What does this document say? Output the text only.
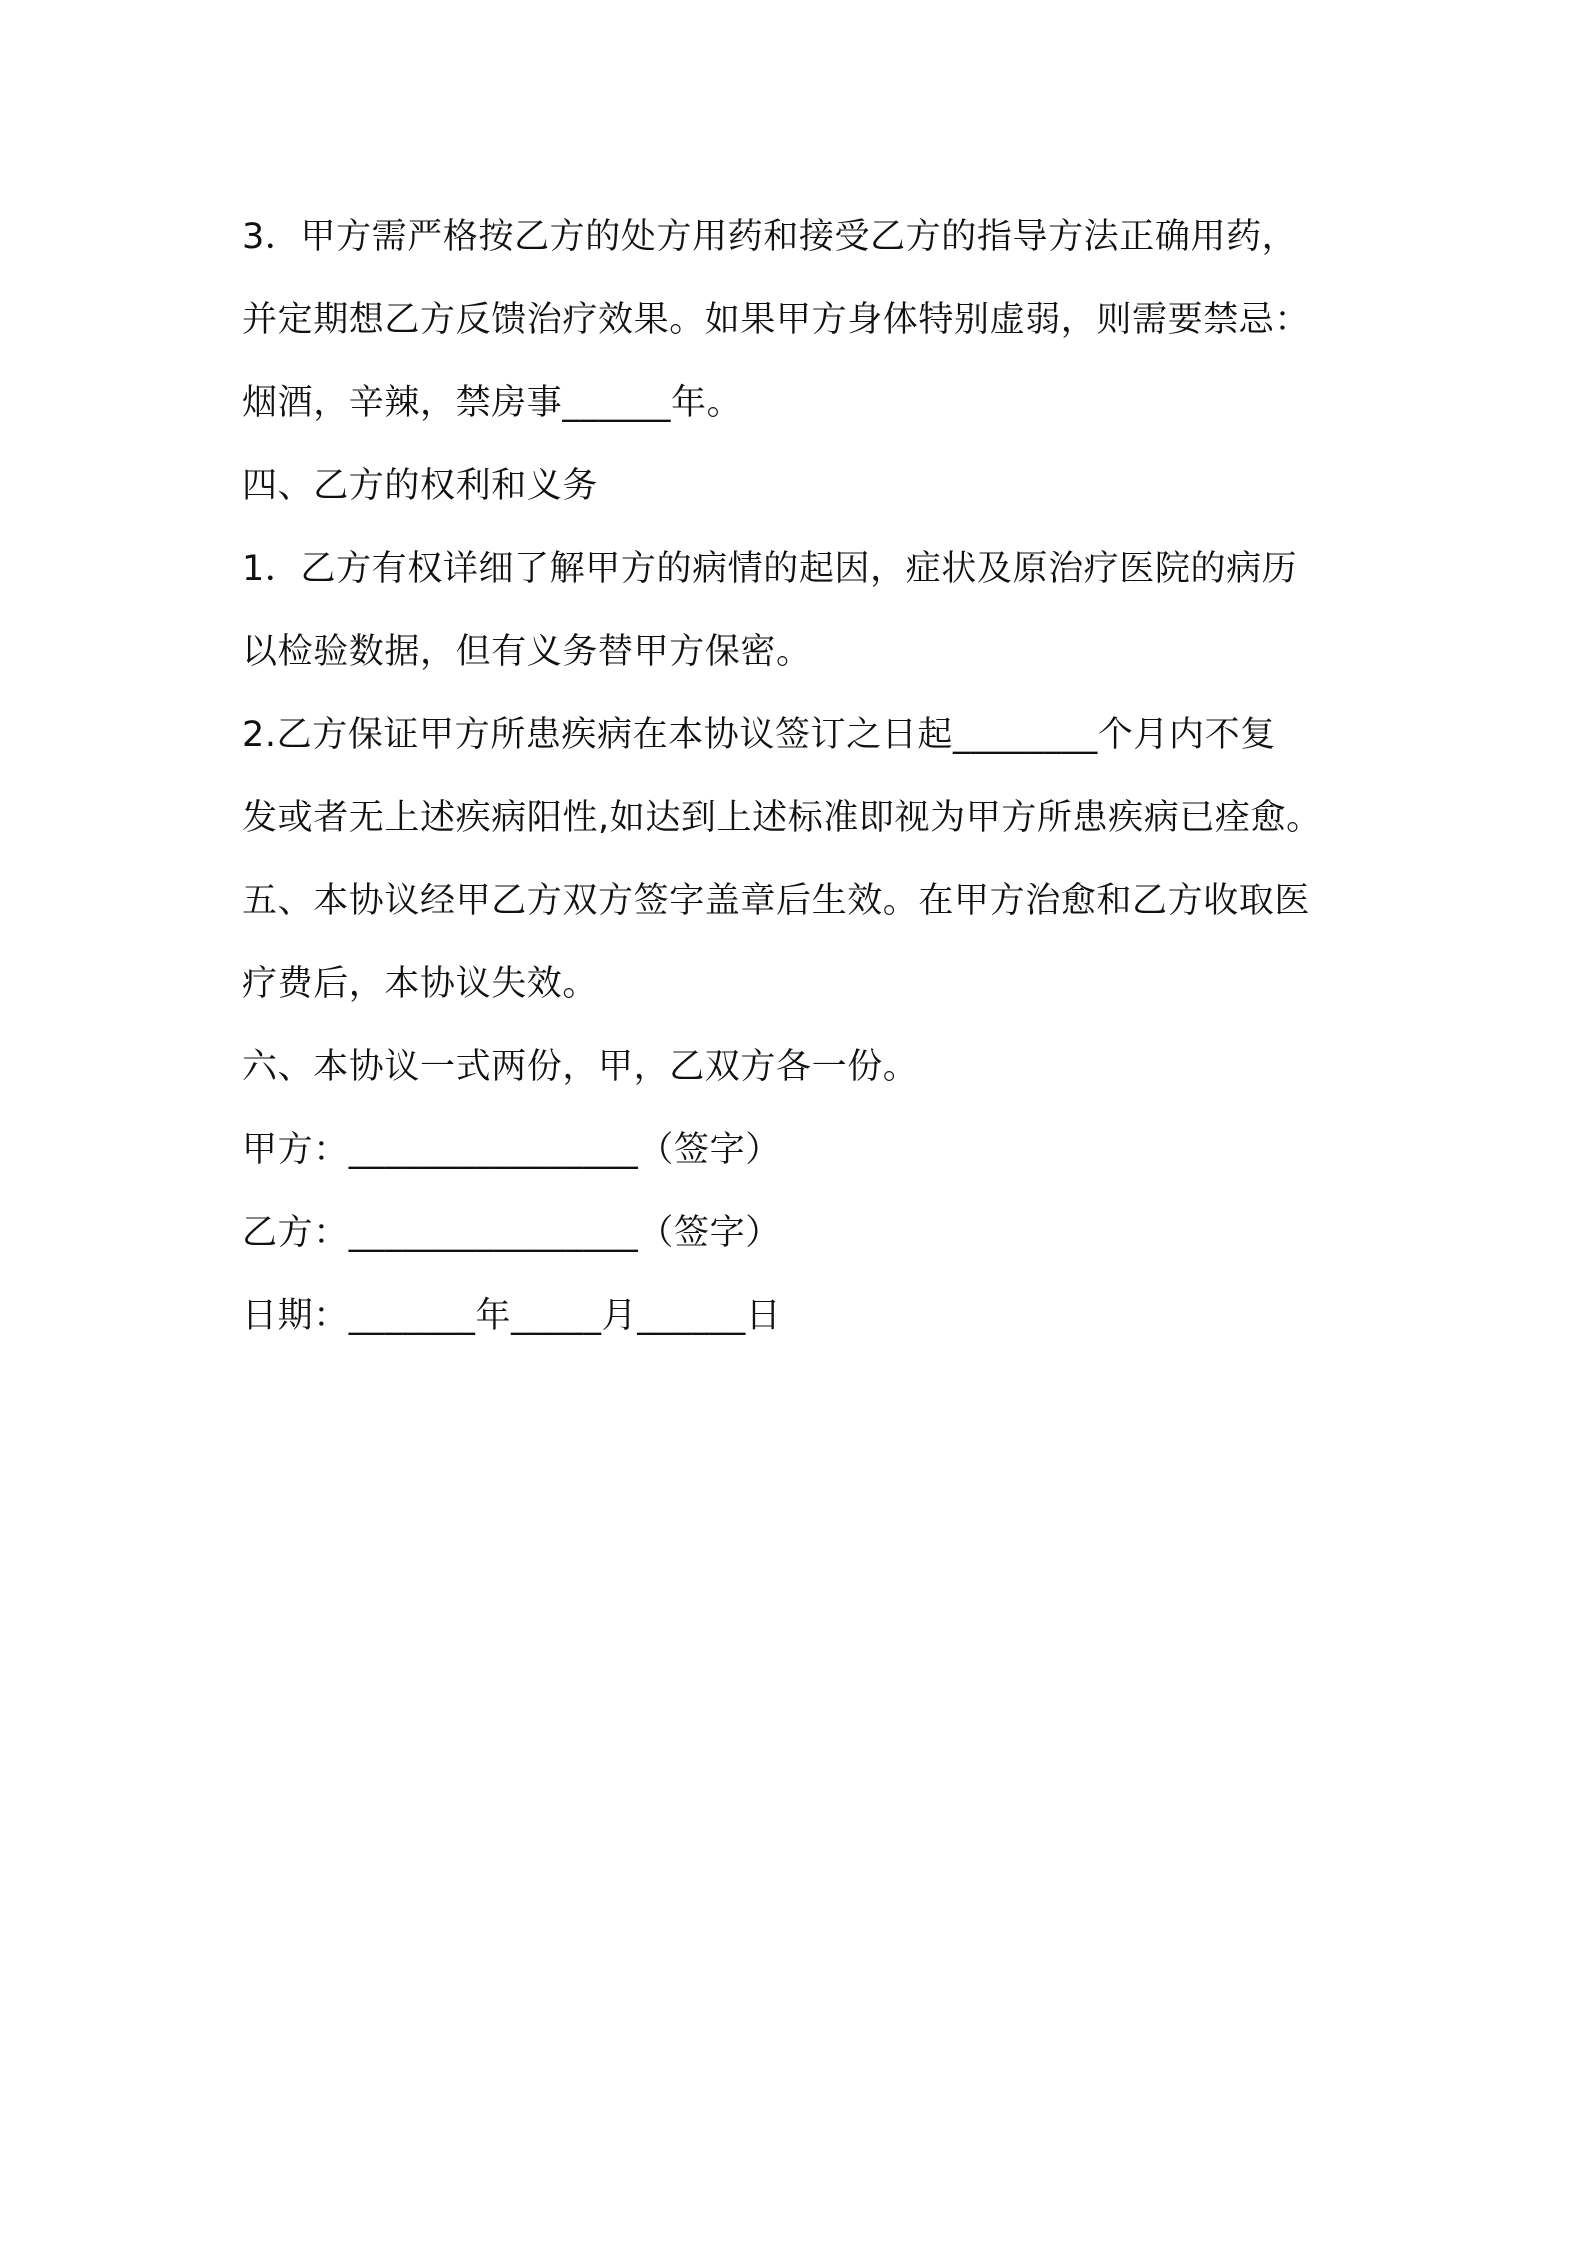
3．甲方需严格按乙方的处方用药和接受乙方的指导方法正确用药，
并定期想乙方反馈治疗效果。如果甲方身体特别虚弱，则需要禁忌：
烟酒，辛辣，禁房事______年。
四、乙方的权利和义务
1．乙方有权详细了解甲方的病情的起因，症状及原治疗医院的病历
以检验数据，但有义务替甲方保密。
2.乙方保证甲方所患疾病在本协议签订之日起________个月内不复
发或者无上述疾病阳性,如达到上述标准即视为甲方所患疾病已痊愈。
五、本协议经甲乙方双方签字盖章后生效。在甲方治愈和乙方收取医
疗费后，本协议失效。
六、本协议一式两份，甲，乙双方各一份。
甲方：________________（签字）
乙方：________________（签字）
日期：_______年_____月______日
